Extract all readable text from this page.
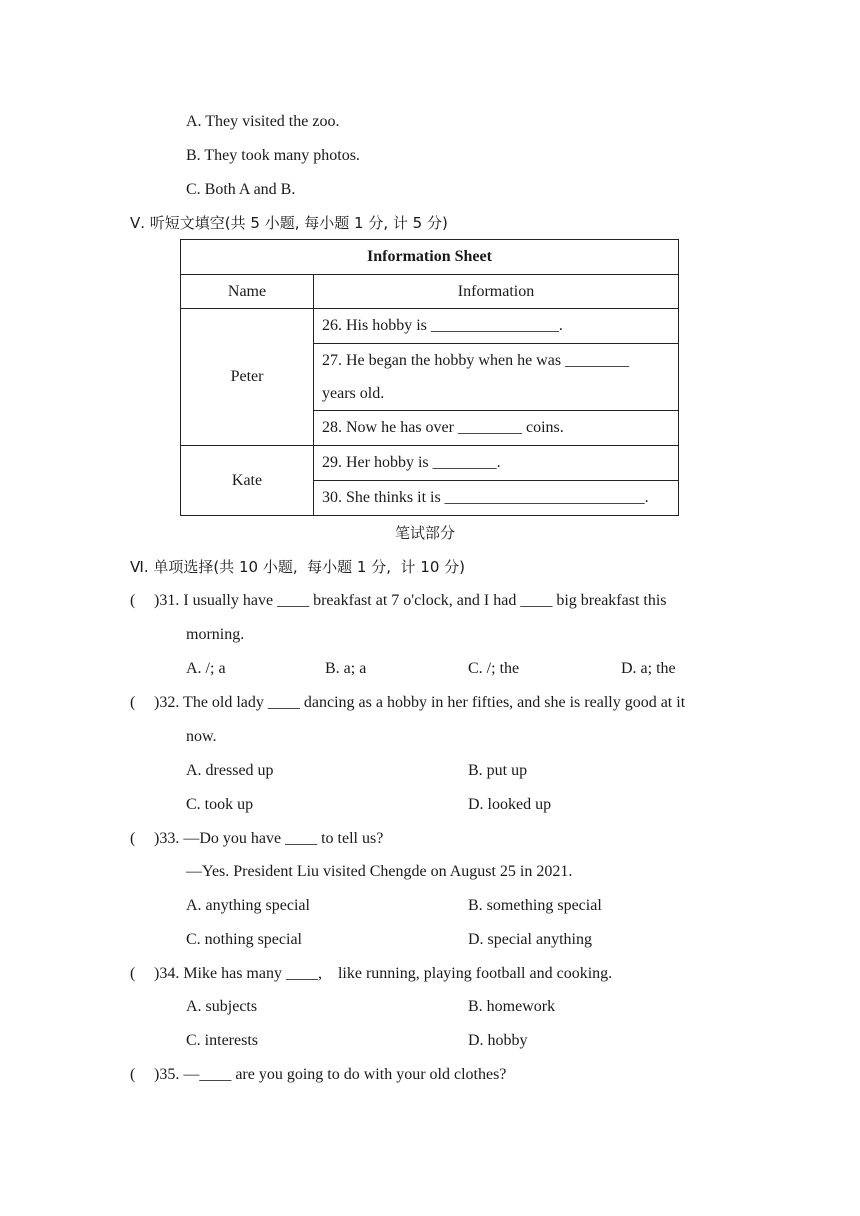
A. They visited the zoo.
B. They took many photos.
C. Both A and B.
Ⅴ. 听短文填空(共 5 小题, 每小题 1 分, 计 5 分)
Information Sheet	
Name	Information
Peter	26. His hobby is ________________.
	27. He began the hobby when he was ________
	years old.
	28. Now he has over ________ coins.
Kate	29. Her hobby is ________.
	30. She thinks it is _________________________.
笔试部分
Ⅵ. 单项选择(共 10 小题,  每小题 1 分,  计 10 分)
( )31. I usually have ____ breakfast at 7 o'clock, and I had ____ big breakfast this
morning.
A. /; a	B. a; a	C. /; the	D. a; the
( )32. The old lady ____ dancing as a hobby in her fifties, and she is really good at it
now.
A. dressed up	B. put up
C. took up	D. looked up
( )33. —Do you have ____ to tell us?
—Yes. President Liu visited Chengde on August 25 in 2021.
A. anything special	B. something special
C. nothing special	D. special anything
( )34. Mike has many ____,    like running, playing football and cooking.
A. subjects	B. homework
C. interests	D. hobby
( )35. —____ are you going to do with your old clothes?
